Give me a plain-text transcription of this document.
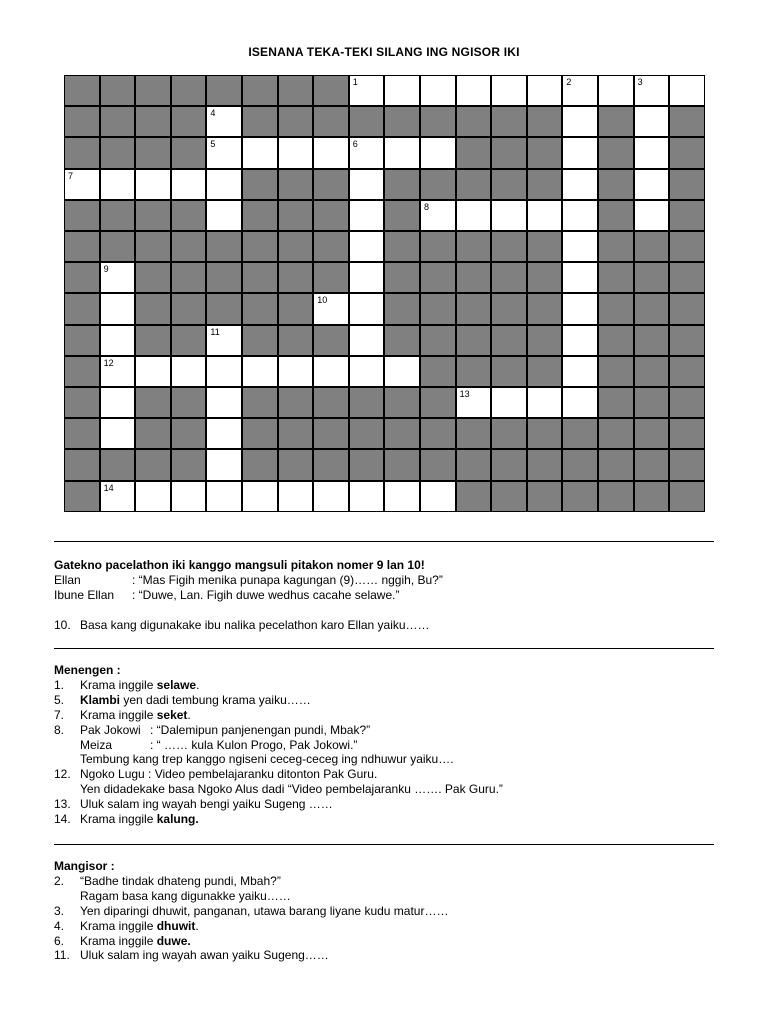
ISENANA TEKA-TEKI SILANG ING NGISOR IKI
1	2	3
4
5	6
7
8
9
10
11
12
13
14
Gatekno pacelathon iki kanggo mangsuli pitakon nomer 9 lan 10!
Ellan	: “Mas Figih menika punapa kagungan (9)…… nggih, Bu?”
Ibune Ellan : “Duwe, Lan. Figih duwe wedhus cacahe selawe.”
10. Basa kang digunakake ibu nalika pecelathon karo Ellan yaiku……
Menengen :
1. Krama inggile selawe.
5. Klambi yen dadi tembung krama yaiku……
7. Krama inggile seket.
8. Pak Jokowi : “Dalemipun panjenengan pundi, Mbak?”
Meiza	: “ …… kula Kulon Progo, Pak Jokowi.”
Tembung kang trep kanggo ngiseni ceceg-ceceg ing ndhuwur yaiku….
12. Ngoko Lugu : Video pembelajaranku ditonton Pak Guru.
Yen didadekake basa Ngoko Alus dadi “Video pembelajaranku ……. Pak Guru.”
13. Uluk salam ing wayah bengi yaiku Sugeng ……
14. Krama inggile kalung.
Mangisor :
2. “Badhe tindak dhateng pundi, Mbah?”
Ragam basa kang digunakke yaiku……
3. Yen diparingi dhuwit, panganan, utawa barang liyane kudu matur……
4. Krama inggile dhuwit.
6. Krama inggile duwe.
11. Uluk salam ing wayah awan yaiku Sugeng……
